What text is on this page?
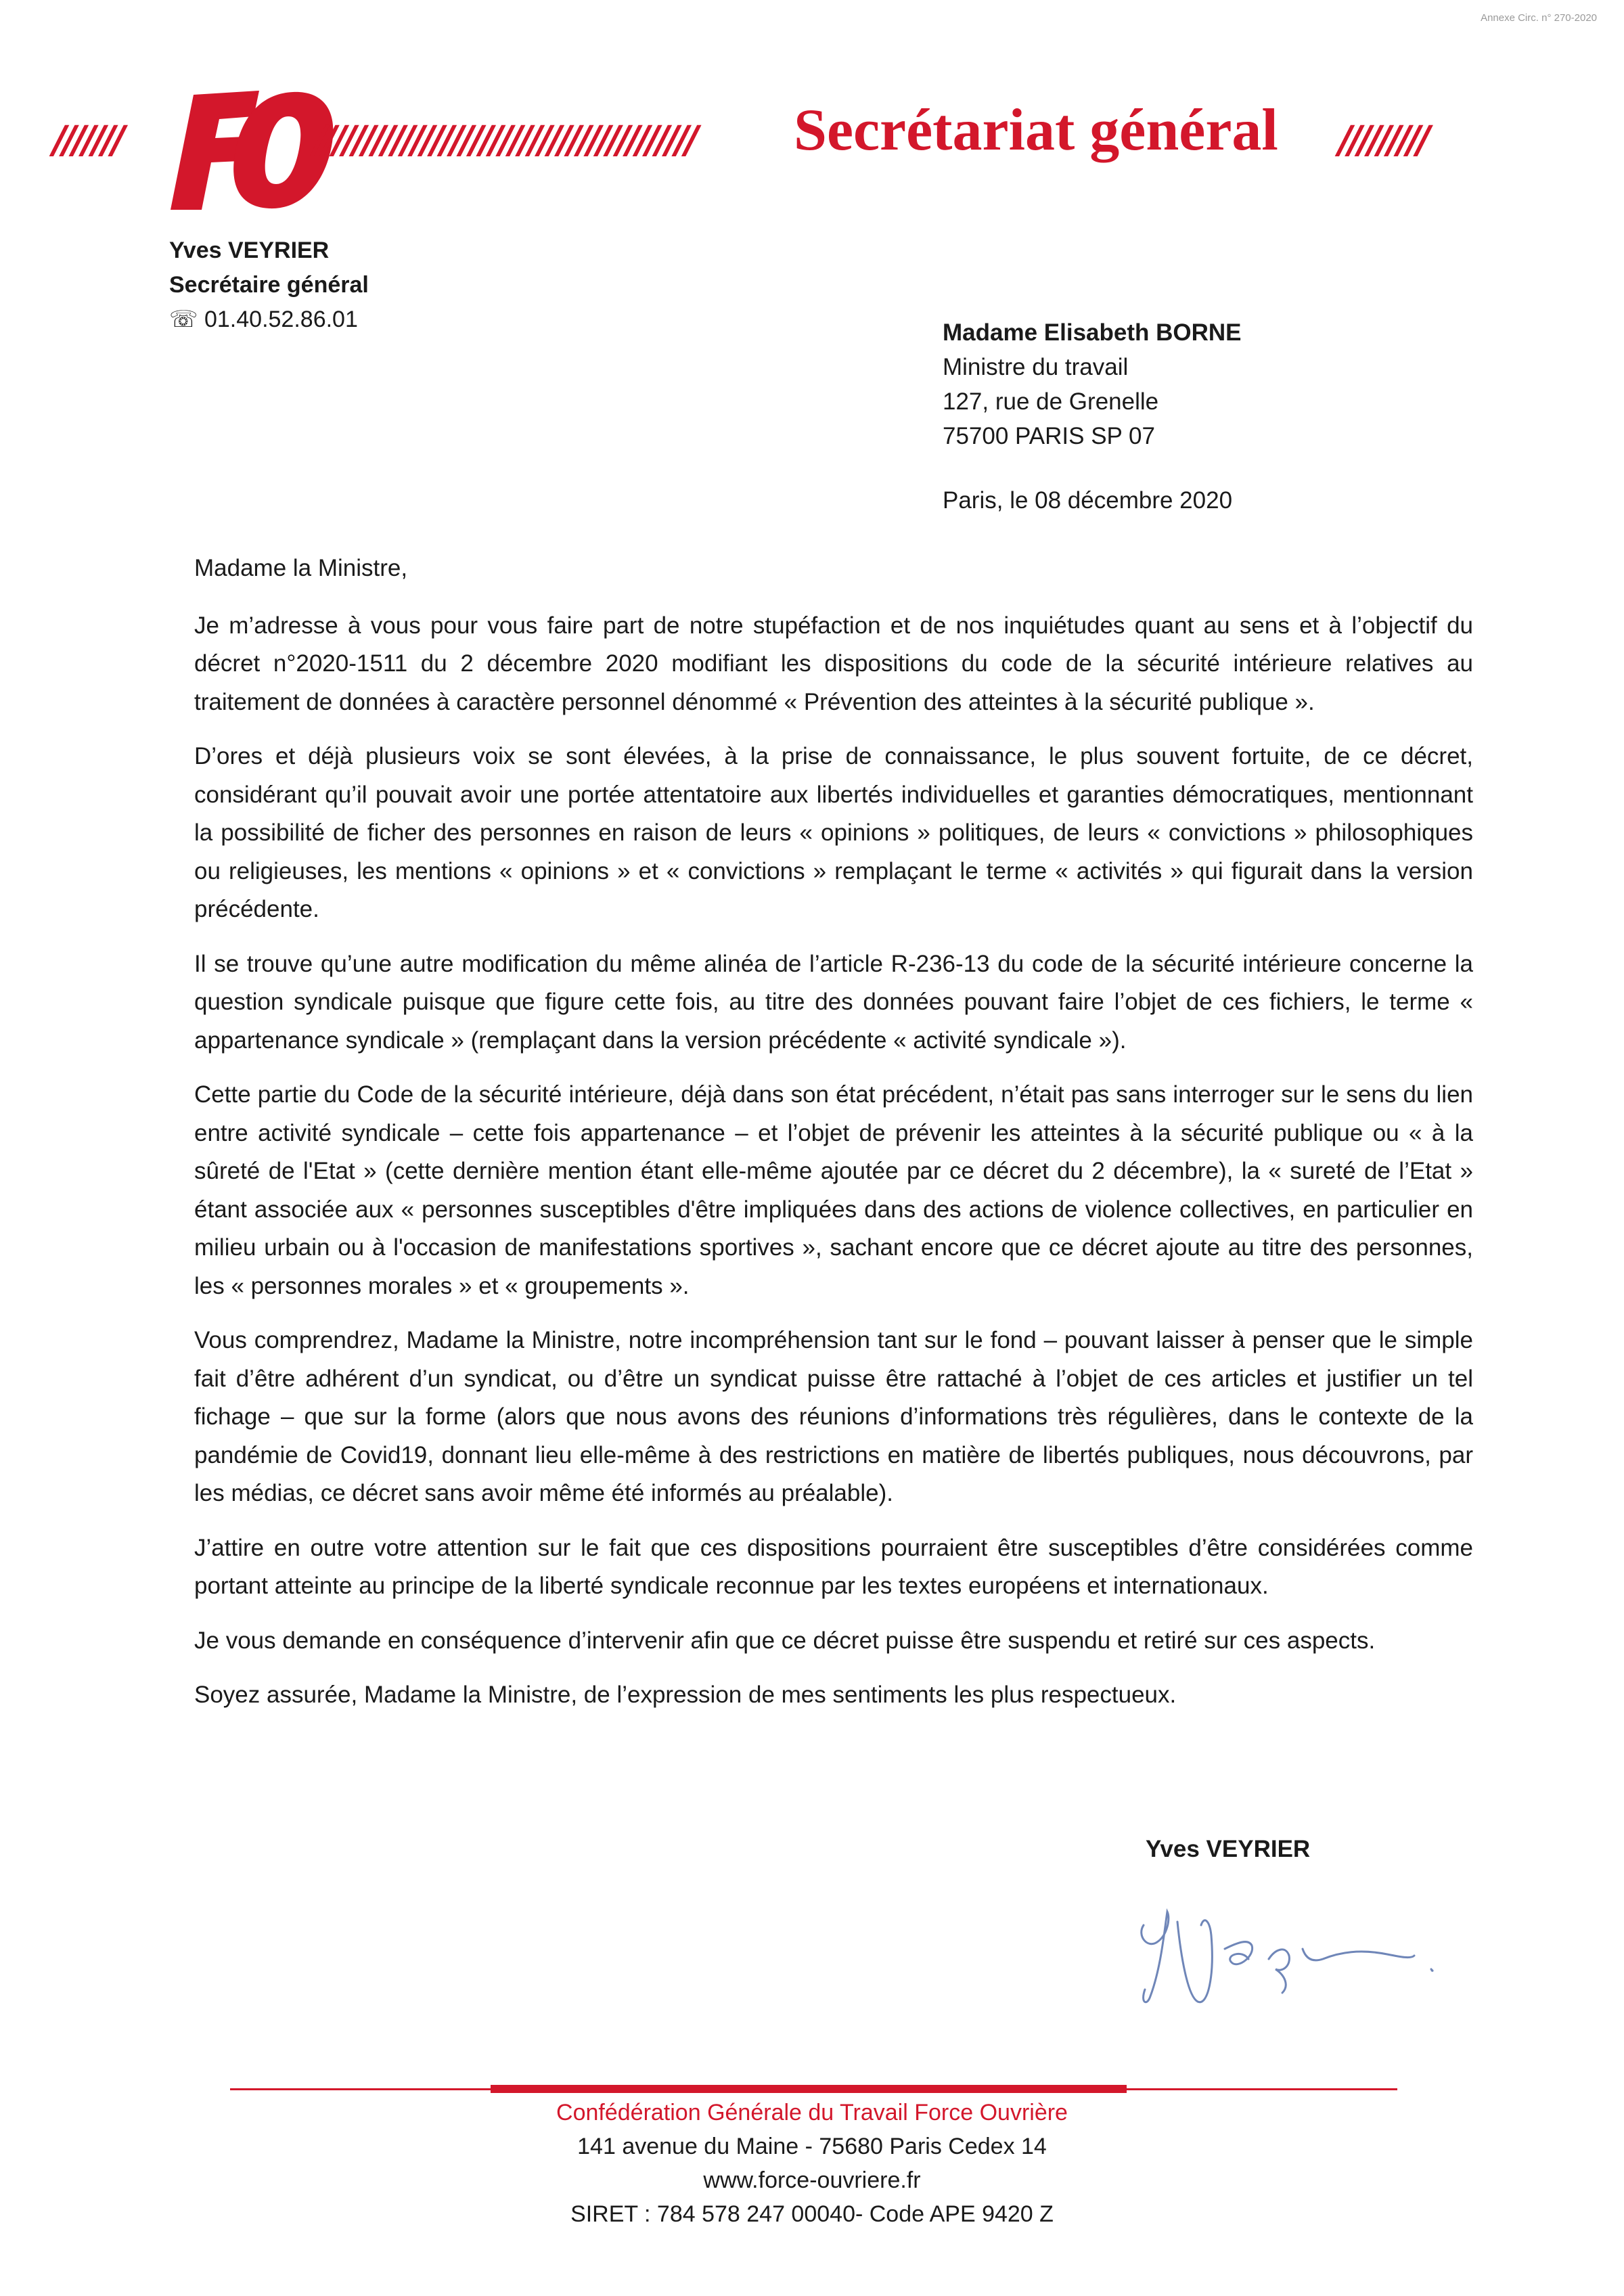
Annexe Circ. n° 270-2020
///////	/////////////////////////////////////// Secrétariat général /////////
Yves VEYRIER
Secrétaire général
☏ 01.40.52.86.01	Madame Elisabeth BORNE
Ministre du travail
127, rue de Grenelle
75700 PARIS SP 07
Paris, le 08 décembre 2020

Madame la Ministre,

Je m’adresse à vous pour vous faire part de notre stupéfaction et de nos inquiétudes quant au sens et à l’objectif du décret n°2020-1511 du 2 décembre 2020 modifiant les dispositions du code de la sécurité intérieure relatives au traitement de données à caractère personnel dénommé « Prévention des atteintes à la sécurité publique ».

D’ores et déjà plusieurs voix se sont élevées, à la prise de connaissance, le plus souvent fortuite, de ce décret, considérant qu’il pouvait avoir une portée attentatoire aux libertés individuelles et garanties démocratiques, mentionnant la possibilité de ficher des personnes en raison de leurs « opinions » politiques, de leurs « convictions » philosophiques ou religieuses, les mentions « opinions » et « convictions » remplaçant le terme « activités » qui figurait dans la version précédente.

Il se trouve qu’une autre modification du même alinéa de l’article R-236-13 du code de la sécurité intérieure concerne la question syndicale puisque que figure cette fois, au titre des données pouvant faire l’objet de ces fichiers, le terme « appartenance syndicale » (remplaçant dans la version précédente « activité syndicale »).

Cette partie du Code de la sécurité intérieure, déjà dans son état précédent, n’était pas sans interroger sur le sens du lien entre activité syndicale – cette fois appartenance – et l’objet de prévenir les atteintes à la sécurité publique ou « à la sûreté de l'Etat » (cette dernière mention étant elle-même ajoutée par ce décret du 2 décembre), la « sureté de l’Etat » étant associée aux « personnes susceptibles d'être impliquées dans des actions de violence collectives, en particulier en milieu urbain ou à l'occasion de manifestations sportives », sachant encore que ce décret ajoute au titre des personnes, les « personnes morales » et « groupements ».

Vous comprendrez, Madame la Ministre, notre incompréhension tant sur le fond – pouvant laisser à penser que le simple fait d’être adhérent d’un syndicat, ou d’être un syndicat puisse être rattaché à l’objet de ces articles et justifier un tel fichage – que sur la forme (alors que nous avons des réunions d’informations très régulières, dans le contexte de la pandémie de Covid19, donnant lieu elle-même à des restrictions en matière de libertés publiques, nous découvrons, par les médias, ce décret sans avoir même été informés au préalable).

J’attire en outre votre attention sur le fait que ces dispositions pourraient être susceptibles d’être considérées comme portant atteinte au principe de la liberté syndicale reconnue par les textes européens et internationaux.

Je vous demande en conséquence d’intervenir afin que ce décret puisse être suspendu et retiré sur ces aspects.

Soyez assurée, Madame la Ministre, de l’expression de mes sentiments les plus respectueux.

Yves VEYRIER
Confédération Générale du Travail Force Ouvrière
141 avenue du Maine - 75680 Paris Cedex 14
www.force-ouvriere.fr
SIRET : 784 578 247 00040- Code APE 9420 Z
